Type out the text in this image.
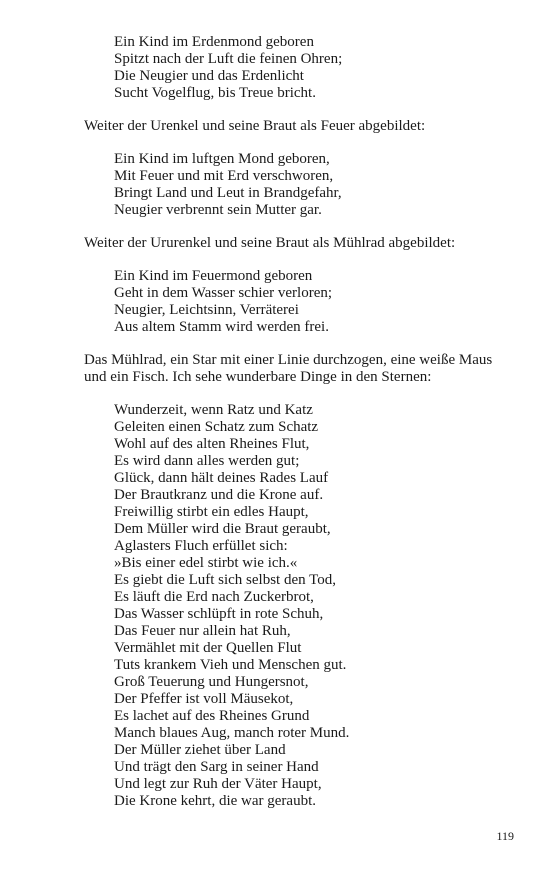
Ein Kind im Erdenmond geboren
Spitzt nach der Luft die feinen Ohren;
Die Neugier und das Erdenlicht
Sucht Vogelflug, bis Treue bricht.

Weiter der Urenkel und seine Braut als Feuer abgebildet:

Ein Kind im luftgen Mond geboren,
Mit Feuer und mit Erd verschworen,
Bringt Land und Leut in Brandgefahr,
Neugier verbrennt sein Mutter gar.

Weiter der Ururenkel und seine Braut als Mühlrad abgebildet:

Ein Kind im Feuermond geboren
Geht in dem Wasser schier verloren;
Neugier, Leichtsinn, Verräterei
Aus altem Stamm wird werden frei.

Das Mühlrad, ein Star mit einer Linie durchzogen, eine weiße Maus
und ein Fisch. Ich sehe wunderbare Dinge in den Sternen:

Wunderzeit, wenn Ratz und Katz
Geleiten einen Schatz zum Schatz
Wohl auf des alten Rheines Flut,
Es wird dann alles werden gut;
Glück, dann hält deines Rades Lauf
Der Brautkranz und die Krone auf.
Freiwillig stirbt ein edles Haupt,
Dem Müller wird die Braut geraubt,
Aglasters Fluch erfüllet sich:
»Bis einer edel stirbt wie ich.«
Es giebt die Luft sich selbst den Tod,
Es läuft die Erd nach Zuckerbrot,
Das Wasser schlüpft in rote Schuh,
Das Feuer nur allein hat Ruh,
Vermählet mit der Quellen Flut
Tuts krankem Vieh und Menschen gut.
Groß Teuerung und Hungersnot,
Der Pfeffer ist voll Mäusekot,
Es lachet auf des Rheines Grund
Manch blaues Aug, manch roter Mund.
Der Müller ziehet über Land
Und trägt den Sarg in seiner Hand
Und legt zur Ruh der Väter Haupt,
Die Krone kehrt, die war geraubt.
119
